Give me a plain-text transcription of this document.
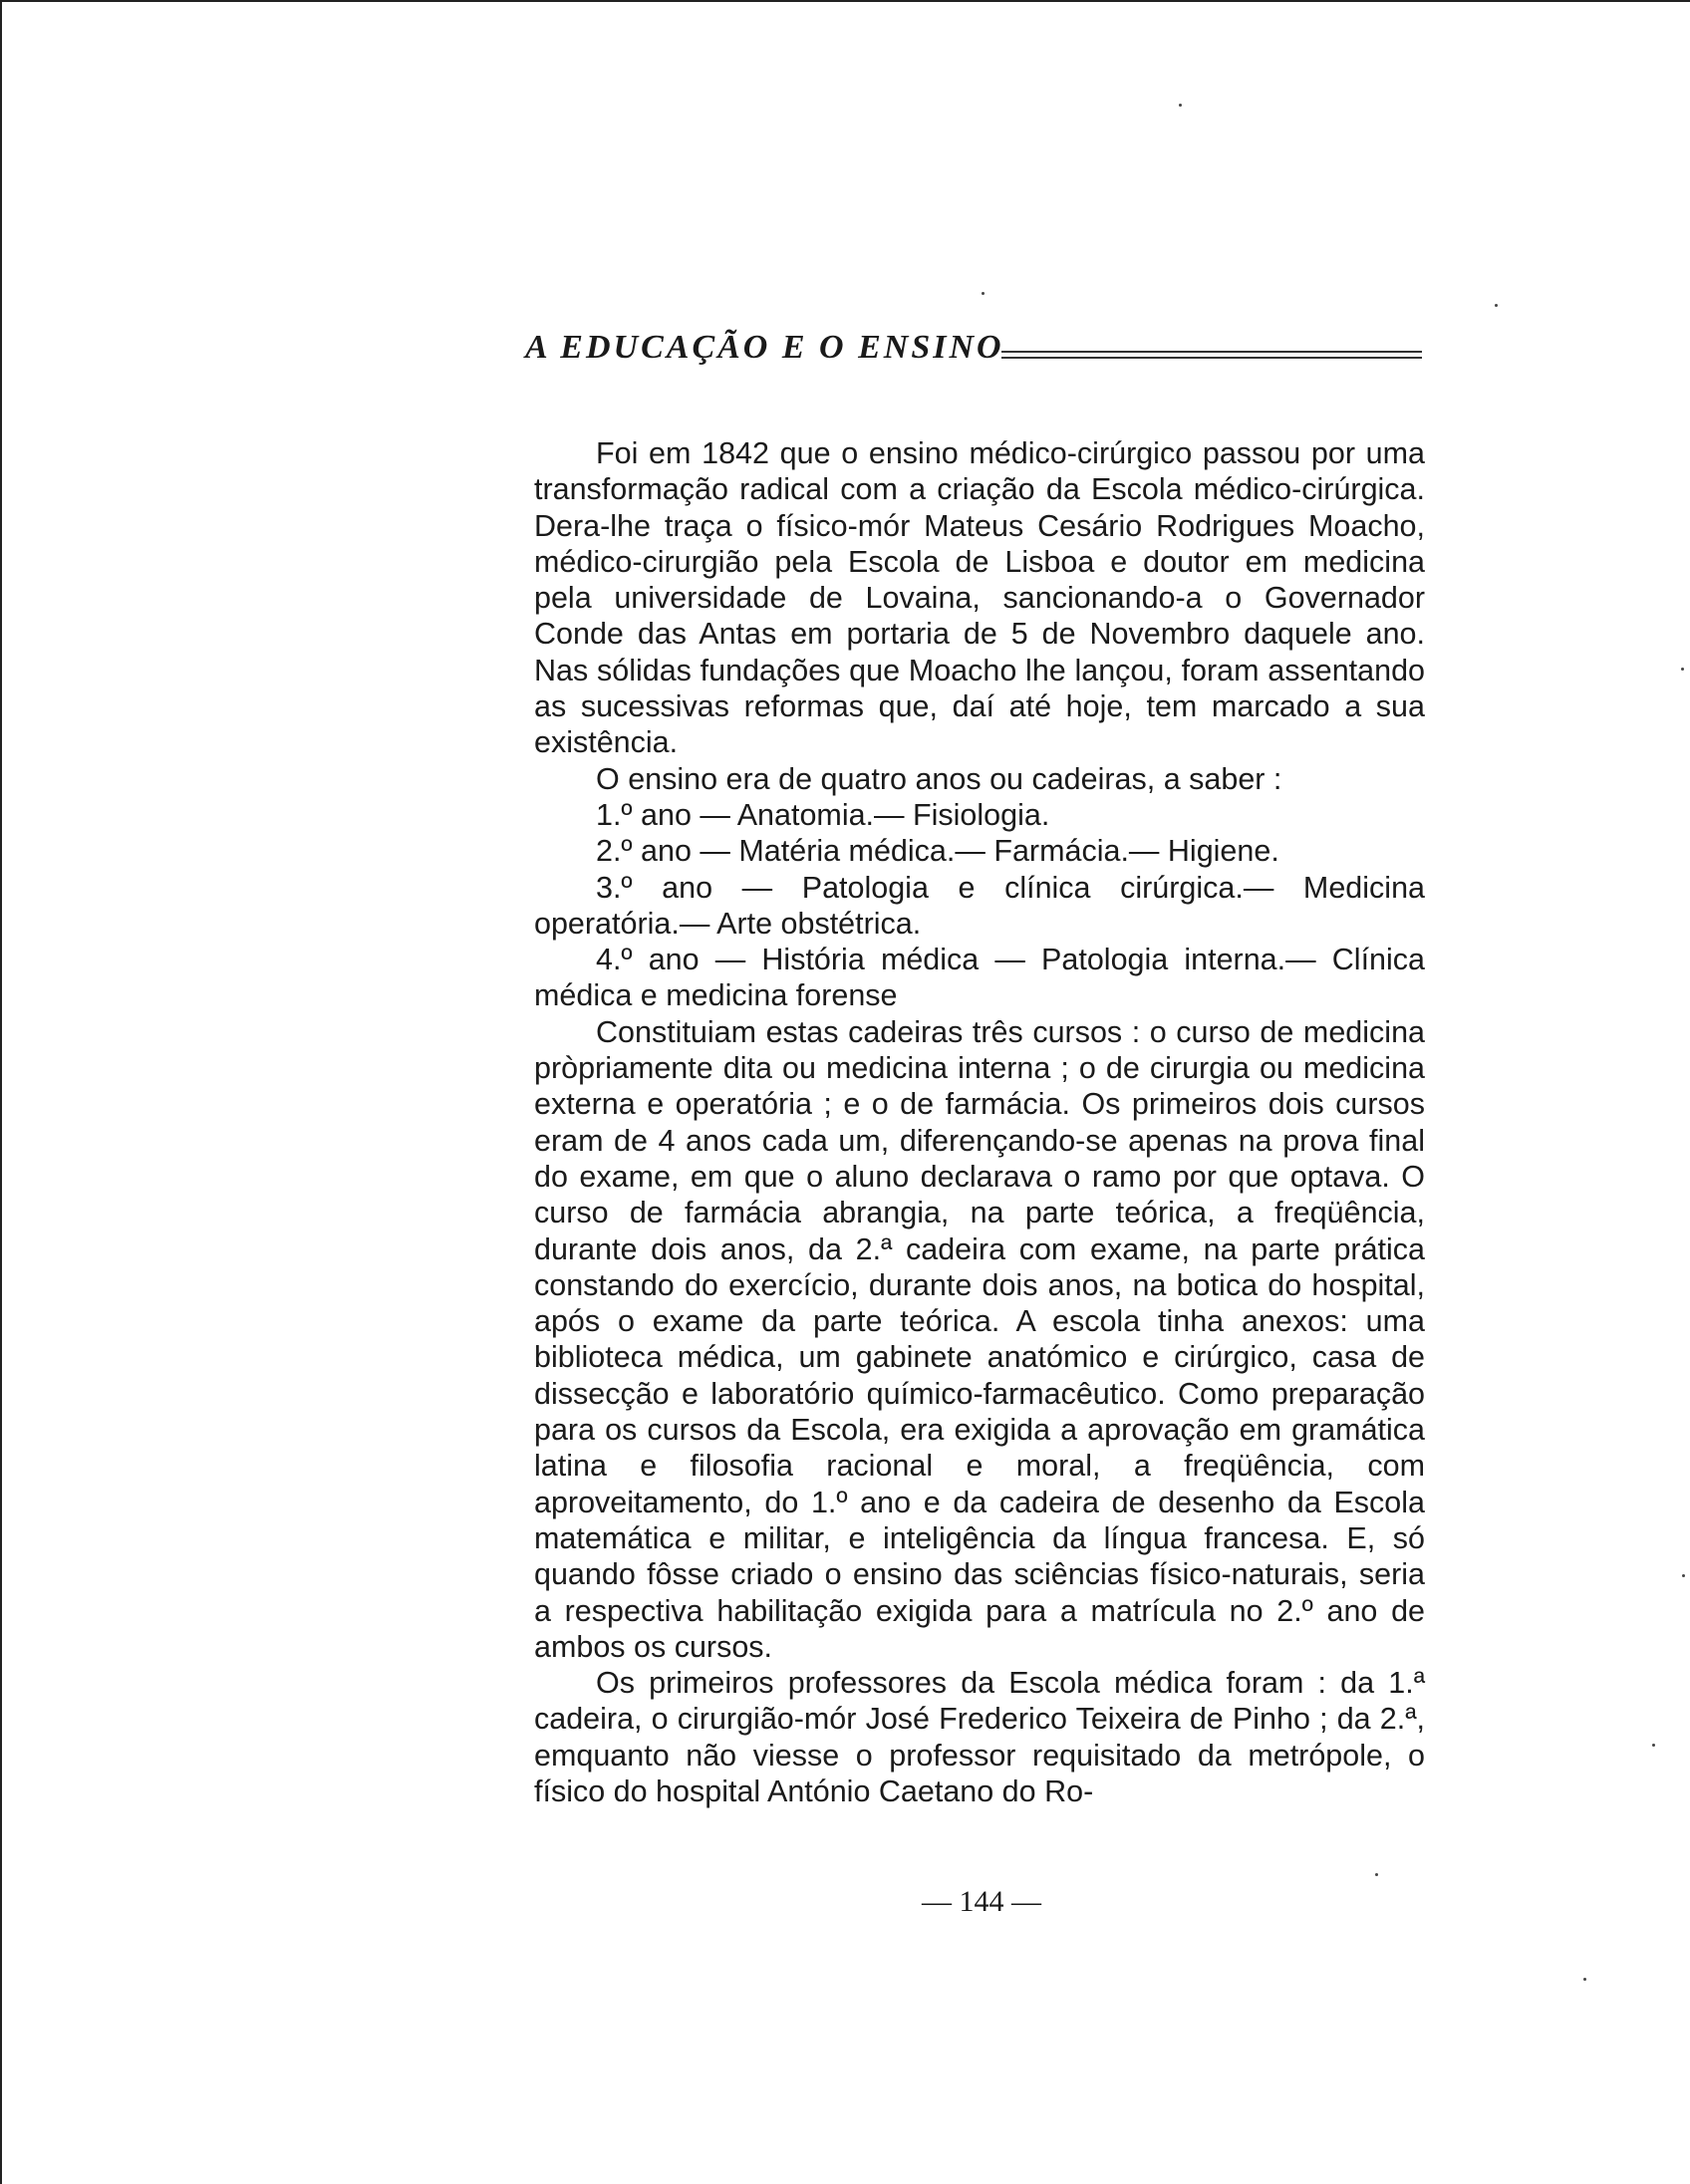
A EDUCAÇÃO E O ENSINO

Foi em 1842 que o ensino médico-cirúrgico passou por uma transformação radical com a criação da Escola médico-cirúrgica. Dera-lhe traça o físico-mór Mateus Cesário Rodrigues Moacho, médico-cirurgião pela Escola de Lisboa e doutor em medicina pela universidade de Lovaina, sancionando-a o Governador Conde das Antas em portaria de 5 de Novembro daquele ano. Nas sólidas fundações que Moacho lhe lançou, foram assentando as sucessivas reformas que, daí até hoje, tem marcado a sua existência.

O ensino era de quatro anos ou cadeiras, a saber :

1.º ano — Anatomia.— Fisiologia.

2.º ano — Matéria médica.— Farmácia.— Higiene.

3.º ano — Patologia e clínica cirúrgica.— Medicina operatória.— Arte obstétrica.

4.º ano — História médica — Patologia interna.— Clínica médica e medicina forense

Constituiam estas cadeiras três cursos : o curso de medicina pròpriamente dita ou medicina interna ; o de cirurgia ou medicina externa e operatória ; e o de farmácia. Os primeiros dois cursos eram de 4 anos cada um, diferençando-se apenas na prova final do exame, em que o aluno declarava o ramo por que optava. O curso de farmácia abrangia, na parte teórica, a freqüência, durante dois anos, da 2.ª cadeira com exame, na parte prática constando do exercício, durante dois anos, na botica do hospital, após o exame da parte teórica. A escola tinha anexos: uma biblioteca médica, um gabinete anatómico e cirúrgico, casa de dissecção e laboratório químico-farmacêutico. Como preparação para os cursos da Escola, era exigida a aprovação em gramática latina e filosofia racional e moral, a freqüência, com aproveitamento, do 1.º ano e da cadeira de desenho da Escola matemática e militar, e inteligência da língua francesa. E, só quando fôsse criado o ensino das sciências físico-naturais, seria a respectiva habilitação exigida para a matrícula no 2.º ano de ambos os cursos.

Os primeiros professores da Escola médica foram : da 1.ª cadeira, o cirurgião-mór José Frederico Teixeira de Pinho ; da 2.ª, emquanto não viesse o professor requisitado da metrópole, o físico do hospital António Caetano do Ro-

— 144 —
